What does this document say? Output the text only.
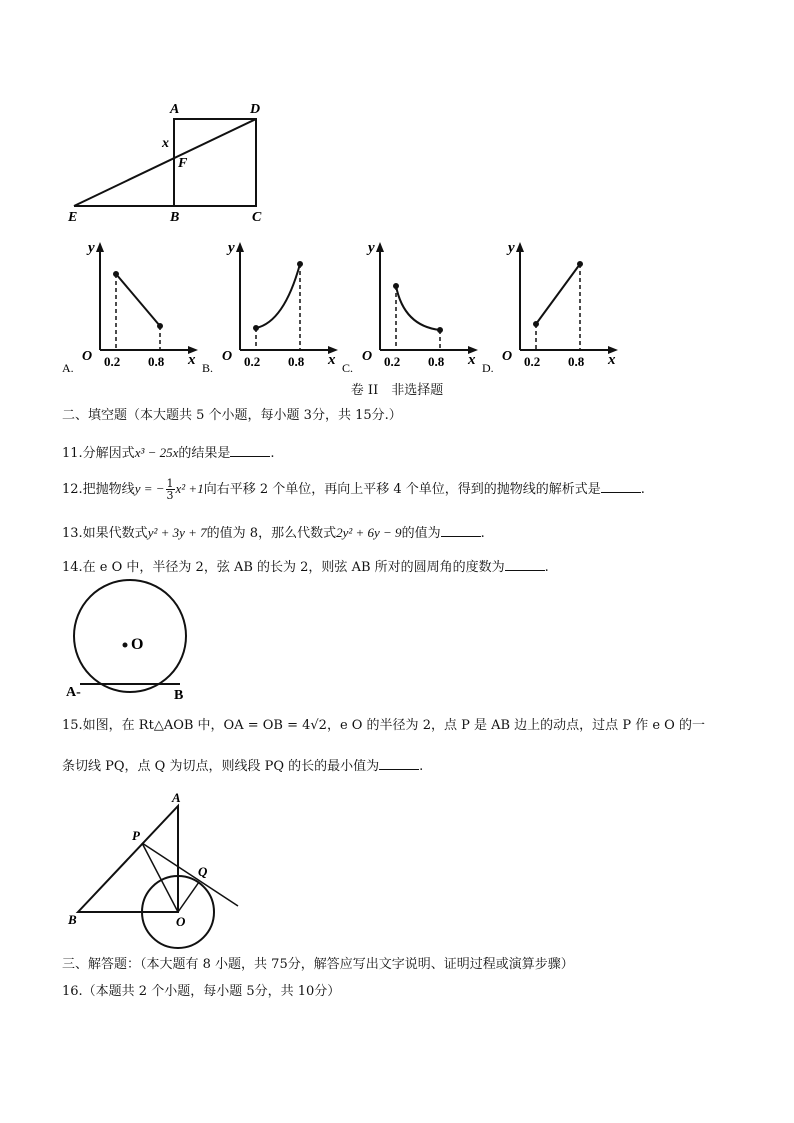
A	D
x
F
E	B	C
y
x
O 0.2 0.8
A.
y
x
O 0.2 0.8
B.
y
x
O 0.2 0.8
C.
y
x
O 0.2 0.8
D.
卷 II　非选择题
二、填空题（本大题共 5 个小题，每小题 3分，共 15分.）
11.分解因式x³ − 25x的结果是	.
12.把抛物线y = − $\frac{1}{3} x^2 +1$向右平移 2 个单位，再向上平移 4 个单位，得到的抛物线的解析式是	.
13.如果代数式y² + 3y + 7的值为 8，那么代数式2y² + 6y − 9的值为	.
14.在 e O 中，半径为 2，弦 AB 的长为 2，则弦 AB 所对的圆周角的度数为	.
O
A-	B
15.如图，在 Rt△AOB 中，OA = OB = 4√2，e O 的半径为 2，点 P 是 AB 边上的动点，过点 P 作 e O 的一
条切线 PQ，点 Q 为切点，则线段 PQ 的长的最小值为	.
A
P
Q
B	O
三、解答题：（本大题有 8 小题，共 75分，解答应写出文字说明、证明过程或演算步骤）
16.（本题共 2 个小题，每小题 5分，共 10分）
